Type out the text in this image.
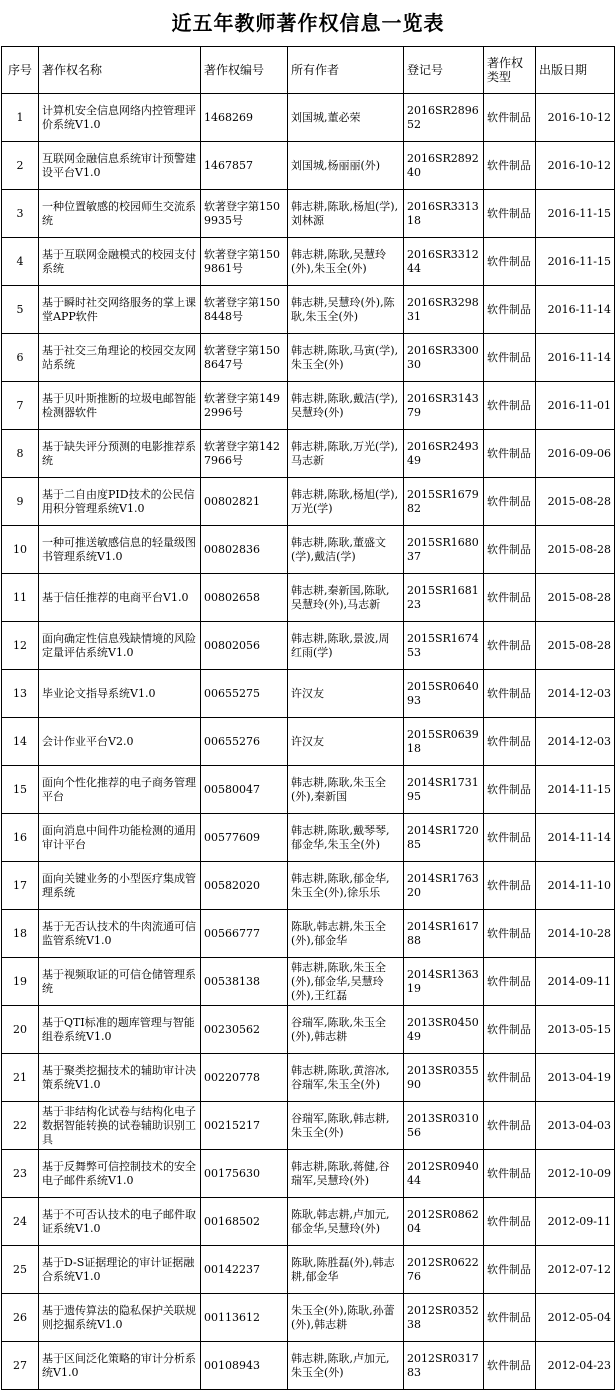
近五年教师著作权信息一览表
序号	著作权名称	著作权编号	所有作者	登记号	著作权类型	出版日期
1	计算机安全信息网络内控管理评价系统V1.0	1468269	刘国城,董必荣	2016SR289652	软件制品	2016-10-12
2	互联网金融信息系统审计预警建设平台V1.0	1467857	刘国城,杨丽丽(外)	2016SR289240	软件制品	2016-10-12
3	一种位置敏感的校园师生交流系统	软著登字第1509935号	韩志耕,陈耿,杨旭(学),刘林源	2016SR331318	软件制品	2016-11-15
4	基于互联网金融模式的校园支付系统	软著登字第1509861号	韩志耕,陈耿,吴慧玲(外),朱玉全(外)	2016SR331244	软件制品	2016-11-15
5	基于瞬时社交网络服务的掌上课堂APP软件	软著登字第1508448号	韩志耕,吴慧玲(外),陈耿,朱玉全(外)	2016SR329831	软件制品	2016-11-14
6	基于社交三角理论的校园交友网站系统	软著登字第1508647号	韩志耕,陈耿,马寅(学),朱玉全(外)	2016SR330030	软件制品	2016-11-14
7	基于贝叶斯推断的垃圾电邮智能检测器软件	软著登字第1492996号	韩志耕,陈耿,戴洁(学),吴慧玲(外)	2016SR314379	软件制品	2016-11-01
8	基于缺失评分预测的电影推荐系统	软著登字第1427966号	韩志耕,陈耿,万光(学),马志新	2016SR249349	软件制品	2016-09-06
9	基于二自由度PID技术的公民信用积分管理系统V1.0	00802821	韩志耕,陈耿,杨旭(学),万光(学)	2015SR167982	软件制品	2015-08-28
10	一种可推送敏感信息的轻量级图书管理系统V1.0	00802836	韩志耕,陈耿,董盛文(学),戴洁(学)	2015SR168037	软件制品	2015-08-28
11	基于信任推荐的电商平台V1.0	00802658	韩志耕,秦新国,陈耿,吴慧玲(外),马志新	2015SR168123	软件制品	2015-08-28
12	面向确定性信息残缺情境的风险定量评估系统V1.0	00802056	韩志耕,陈耿,景波,周红雨(学)	2015SR167453	软件制品	2015-08-28
13	毕业论文指导系统V1.0	00655275	许汉友	2015SR064093	软件制品	2014-12-03
14	会计作业平台V2.0	00655276	许汉友	2015SR063918	软件制品	2014-12-03
15	面向个性化推荐的电子商务管理平台	00580047	韩志耕,陈耿,朱玉全(外),秦新国	2014SR173195	软件制品	2014-11-15
16	面向消息中间件功能检测的通用审计平台	00577609	韩志耕,陈耿,戴琴琴,郁金华,朱玉全(外)	2014SR172085	软件制品	2014-11-14
17	面向关键业务的小型医疗集成管理系统	00582020	韩志耕,陈耿,郁金华,朱玉全(外),徐乐乐	2014SR176320	软件制品	2014-11-10
18	基于无否认技术的牛肉流通可信监管系统V1.0	00566777	陈耿,韩志耕,朱玉全(外),郁金华	2014SR161788	软件制品	2014-10-28
19	基于视频取证的可信仓储管理系统	00538138	韩志耕,陈耿,朱玉全(外),郁金华,吴慧玲(外),王红磊	2014SR136319	软件制品	2014-09-11
20	基于QTI标准的题库管理与智能组卷系统V1.0	00230562	谷瑞军,陈耿,朱玉全(外),韩志耕	2013SR045049	软件制品	2013-05-15
21	基于聚类挖掘技术的辅助审计决策系统V1.0	00220778	韩志耕,陈耿,黄溶冰,谷瑞军,朱玉全(外)	2013SR035590	软件制品	2013-04-19
22	基于非结构化试卷与结构化电子数据智能转换的试卷辅助识别工具	00215217	谷瑞军,陈耿,韩志耕,朱玉全(外)	2013SR031056	软件制品	2013-04-03
23	基于反舞弊可信控制技术的安全电子邮件系统V1.0	00175630	韩志耕,陈耿,蒋健,谷瑞军,吴慧玲(外)	2012SR094044	软件制品	2012-10-09
24	基于不可否认技术的电子邮件取证系统V1.0	00168502	陈耿,韩志耕,卢加元,郁金华,吴慧玲(外)	2012SR086204	软件制品	2012-09-11
25	基于D-S证据理论的审计证据融合系统V1.0	00142237	陈耿,陈胜磊(外),韩志耕,郁金华	2012SR062276	软件制品	2012-07-12
26	基于遗传算法的隐私保护关联规则挖掘系统V1.0	00113612	朱玉全(外),陈耿,孙蕾(外),韩志耕	2012SR035238	软件制品	2012-05-04
27	基于区间泛化策略的审计分析系统V1.0	00108943	韩志耕,陈耿,卢加元,朱玉全(外)	2012SR031783	软件制品	2012-04-23
